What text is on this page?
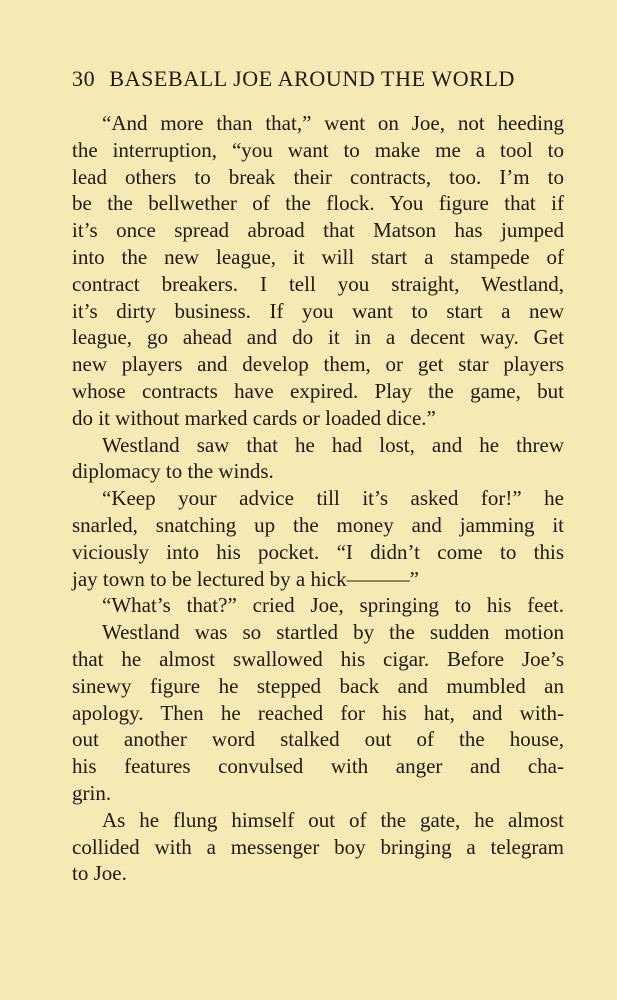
30 BASEBALL JOE AROUND THE WORLD
“And more than that,” went on Joe, not heeding
the interruption, “you want to make me a tool to
lead others to break their contracts, too. I’m to
be the bellwether of the flock. You figure that if
it’s once spread abroad that Matson has jumped
into the new league, it will start a stampede of
contract breakers. I tell you straight, Westland,
it’s dirty business. If you want to start a new
league, go ahead and do it in a decent way. Get
new players and develop them, or get star players
whose contracts have expired. Play the game, but
do it without marked cards or loaded dice.”
Westland saw that he had lost, and he threw
diplomacy to the winds.
“Keep your advice till it’s asked for!” he
snarled, snatching up the money and jamming it
viciously into his pocket. “I didn’t come to this
jay town to be lectured by a hick———”
“What’s that?” cried Joe, springing to his feet.
Westland was so startled by the sudden motion
that he almost swallowed his cigar. Before Joe’s
sinewy figure he stepped back and mumbled an
apology. Then he reached for his hat, and with-
out another word stalked out of the house,
his features convulsed with anger and cha-
grin.
As he flung himself out of the gate, he almost
collided with a messenger boy bringing a telegram
to Joe.
